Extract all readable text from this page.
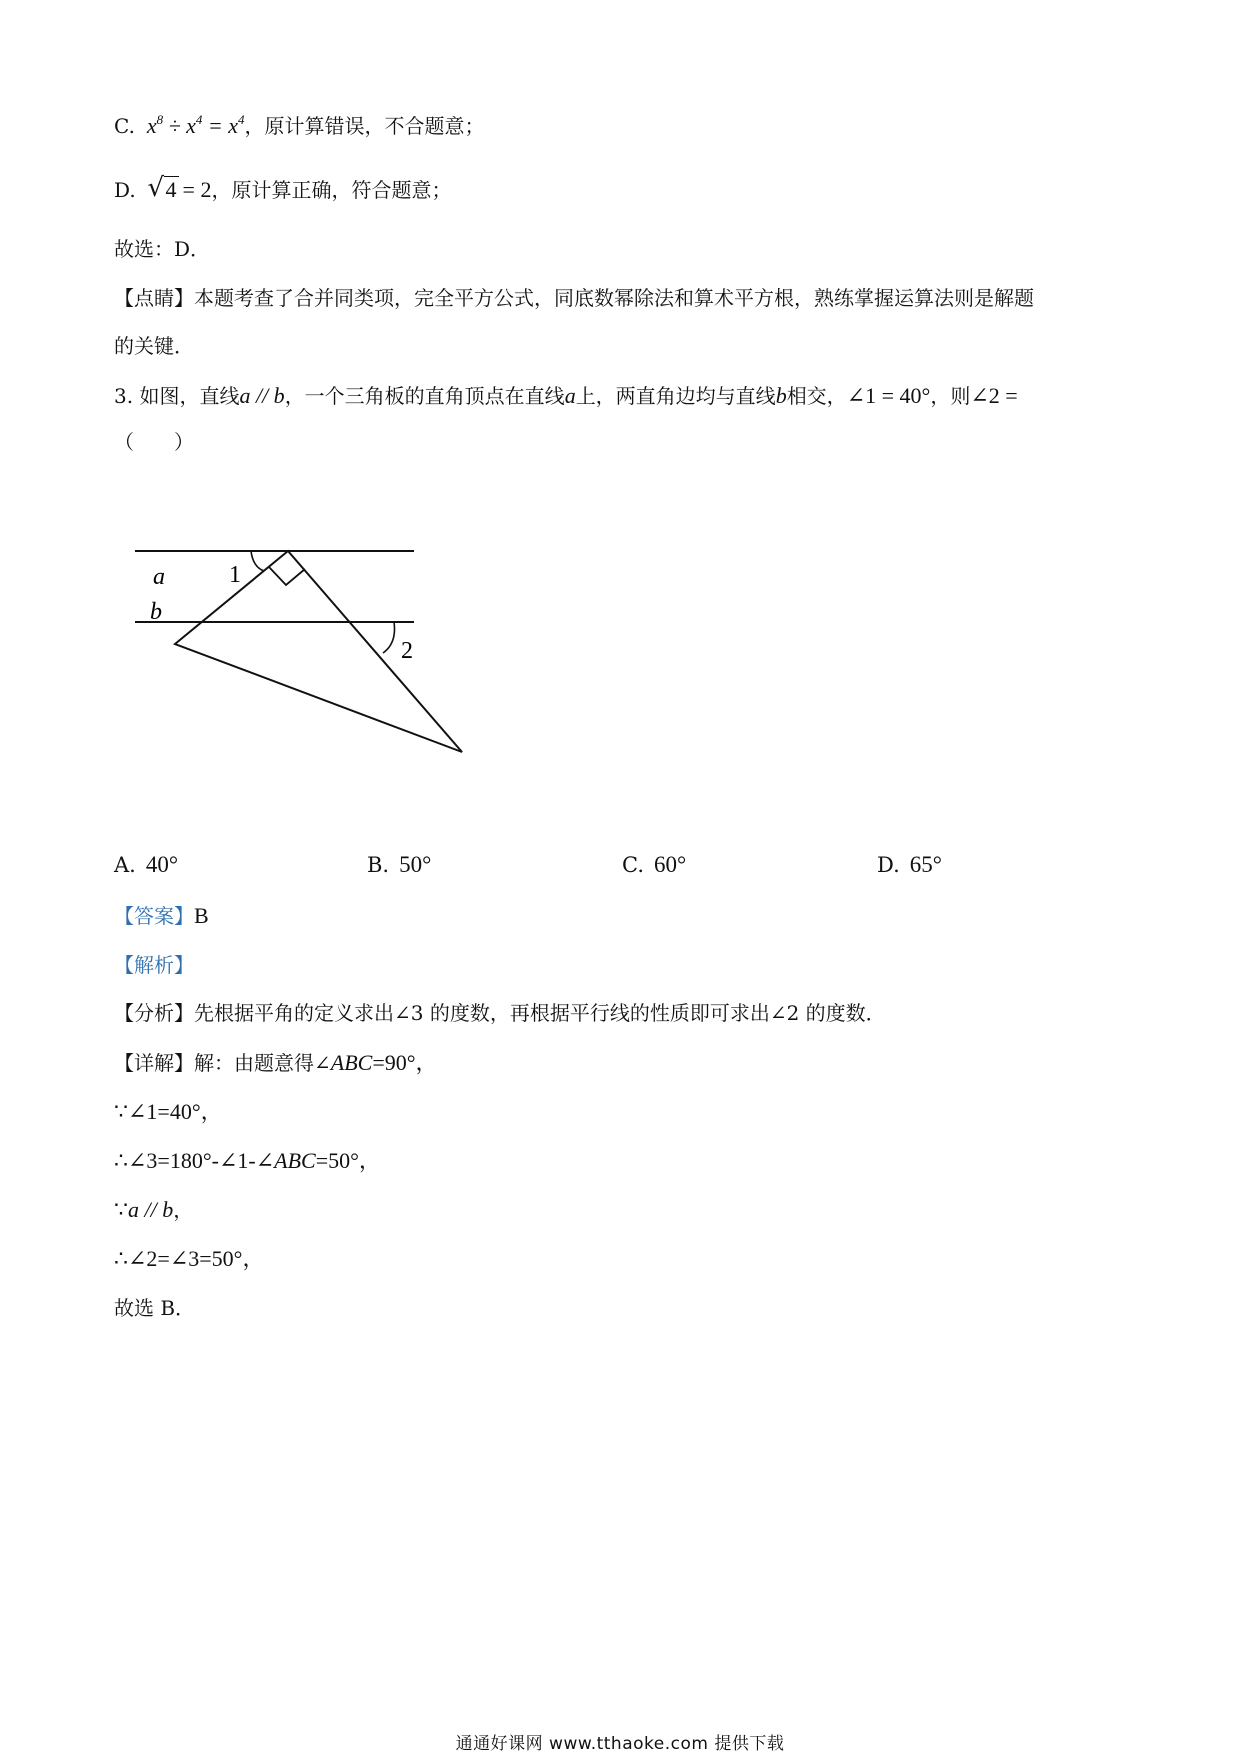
C.  $x^8 \div x^4 = x^4$，原计算错误，不合题意；
D. √ 4 = 2，原计算正确，符合题意；
故选：D．
【点睛】本题考查了合并同类项，完全平方公式，同底数幂除法和算术平方根，熟练掌握运算法则是解题
的关键．
3. 如图，直线a // b，一个三角板的直角顶点在直线a上，两直角边均与直线b相交，∠1 = 40°，则∠2 =
（　　）
a
b
1
2
A. 40°	B. 50°	C. 60°	D. 65°
【答案】B
【解析】
【分析】先根据平角的定义求出∠3 的度数，再根据平行线的性质即可求出∠2 的度数．
【详解】解：由题意得∠ABC=90°，
∵∠1=40°，
∴∠3=180°-∠1-∠ABC=50°，
∵a // b，
∴∠2=∠3=50°，
故选 B．
通通好课网 www.tthaoke.com 提供下载
